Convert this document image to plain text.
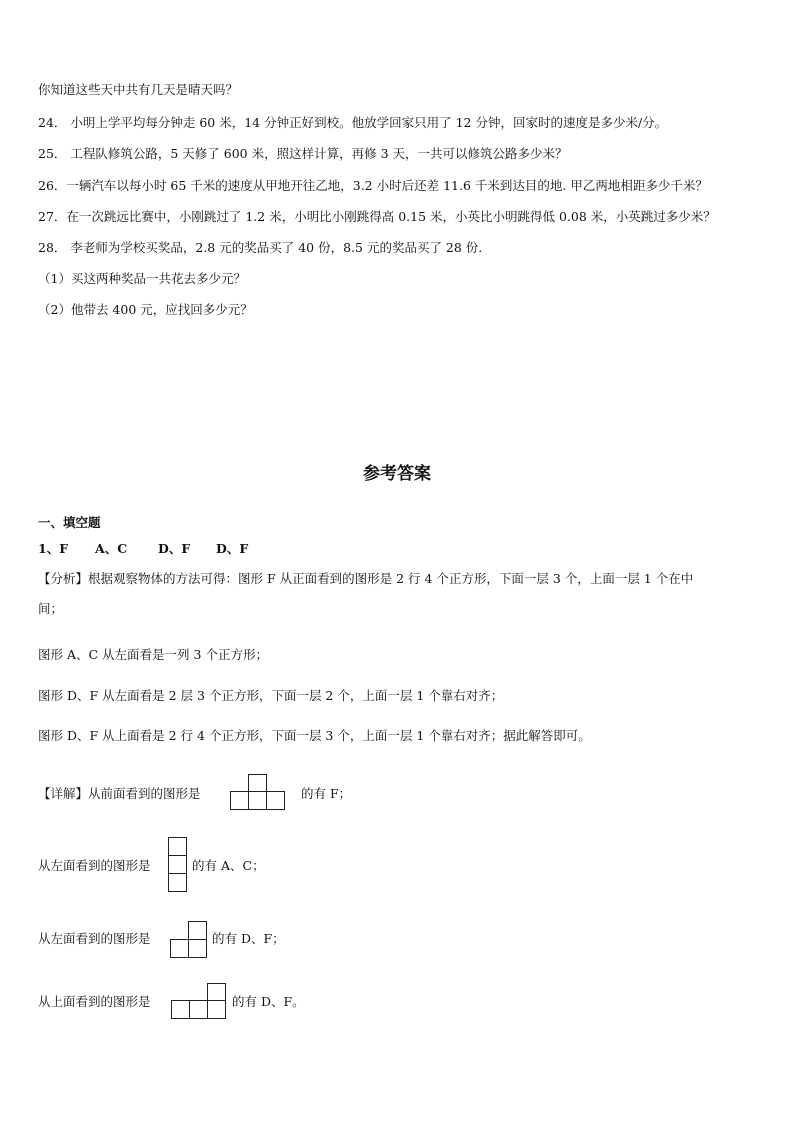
你知道这些天中共有几天是晴天吗？
24． 小明上学平均每分钟走 60 米，14 分钟正好到校。他放学回家只用了 12 分钟，回家时的速度是多少米/分。
25． 工程队修筑公路，5 天修了 600 米，照这样计算，再修 3 天，一共可以修筑公路多少米？
26．一辆汽车以每小时 65 千米的速度从甲地开往乙地，3.2 小时后还差 11.6 千米到达目的地. 甲乙两地相距多少千米？
27．在一次跳远比赛中，小刚跳过了 1.2 米，小明比小刚跳得高 0.15 米，小英比小明跳得低 0.08 米，小英跳过多少米？
28． 李老师为学校买奖品，2.8 元的奖品买了 40 份，8.5 元的奖品买了 28 份.
（1）买这两种奖品一共花去多少元？
（2）他带去 400 元，应找回多少元？
参考答案
一、填空题
1、F A、C D、F D、F
【分析】根据观察物体的方法可得：图形 F 从正面看到的图形是 2 行 4 个正方形，下面一层 3 个，上面一层 1 个在中
间；
图形 A、C 从左面看是一列 3 个正方形；
图形 D、F 从左面看是 2 层 3 个正方形，下面一层 2 个，上面一层 1 个靠右对齐；
图形 D、F 从上面看是 2 行 4 个正方形，下面一层 3 个，上面一层 1 个靠右对齐；据此解答即可。
【详解】从前面看到的图形是	的有 F；
从左面看到的图形是	的有 A、C；
从左面看到的图形是	的有 D、F；
从上面看到的图形是	的有 D、F。
